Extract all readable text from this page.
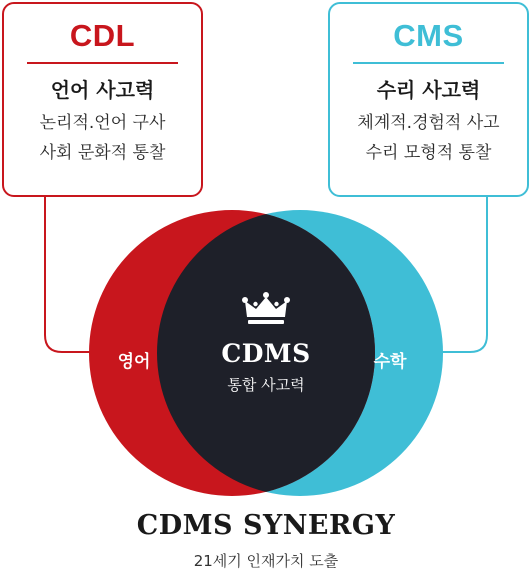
CDL
언어 사고력
논리적.언어 구사
사회 문화적 통찰
CMS
수리 사고력
체계적.경험적 사고
수리 모형적 통찰
영어	수학
CDMS
통합 사고력
CDMS SYNERGY
21세기 인재가치 도출
